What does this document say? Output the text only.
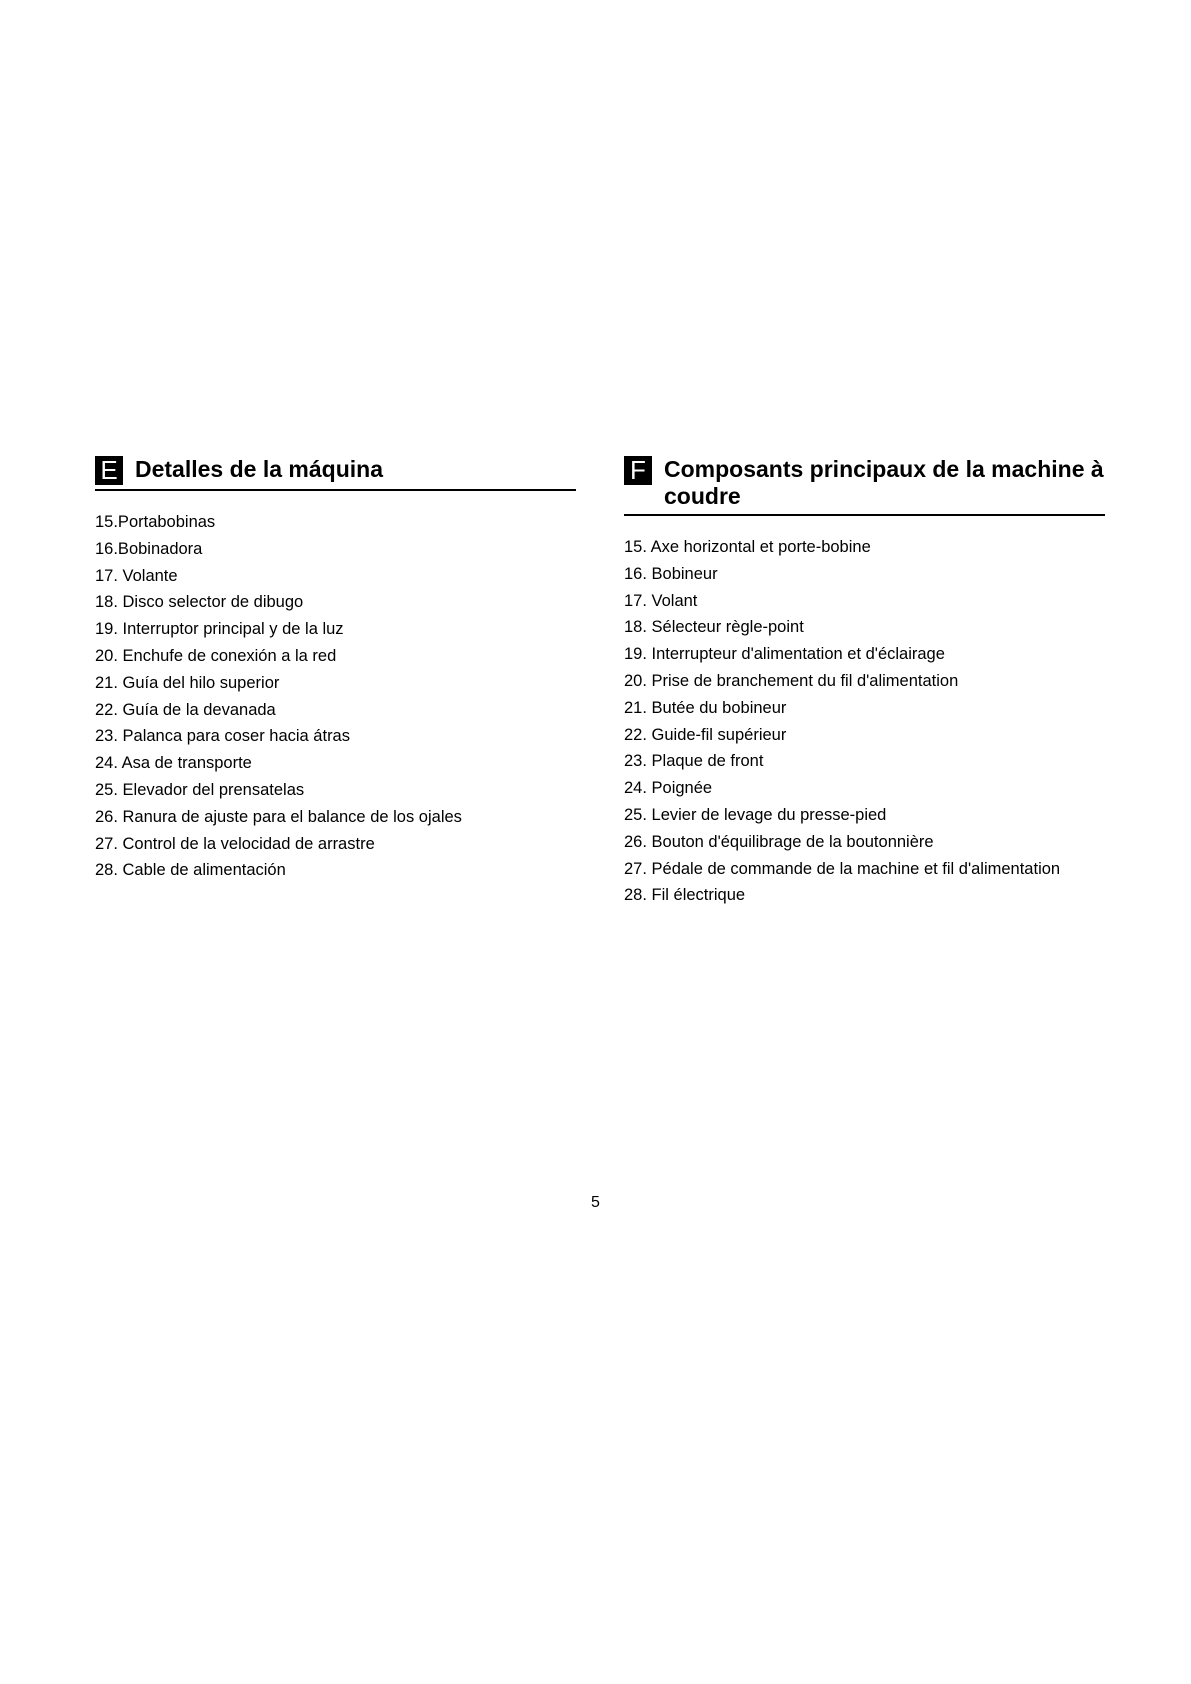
E Detalles de la máquina
15.Portabobinas
16.Bobinadora
17. Volante
18. Disco selector de dibugo
19. Interruptor principal y de la luz
20. Enchufe de conexión a la red
21. Guía del hilo superior
22. Guía de la devanada
23. Palanca para coser hacia átras
24. Asa de transporte
25. Elevador del prensatelas
26. Ranura de ajuste para el balance de los ojales
27. Control de la velocidad de arrastre
28. Cable de alimentación
F Composants principaux de la machine à coudre
15. Axe horizontal et porte-bobine
16. Bobineur
17. Volant
18. Sélecteur règle-point
19. Interrupteur d'alimentation et d'éclairage
20. Prise de branchement du fil d'alimentation
21. Butée du bobineur
22. Guide-fil supérieur
23. Plaque de front
24. Poignée
25. Levier de levage du presse-pied
26. Bouton d'équilibrage de la boutonnière
27. Pédale de commande de la machine et fil d'alimentation
28. Fil électrique
5
